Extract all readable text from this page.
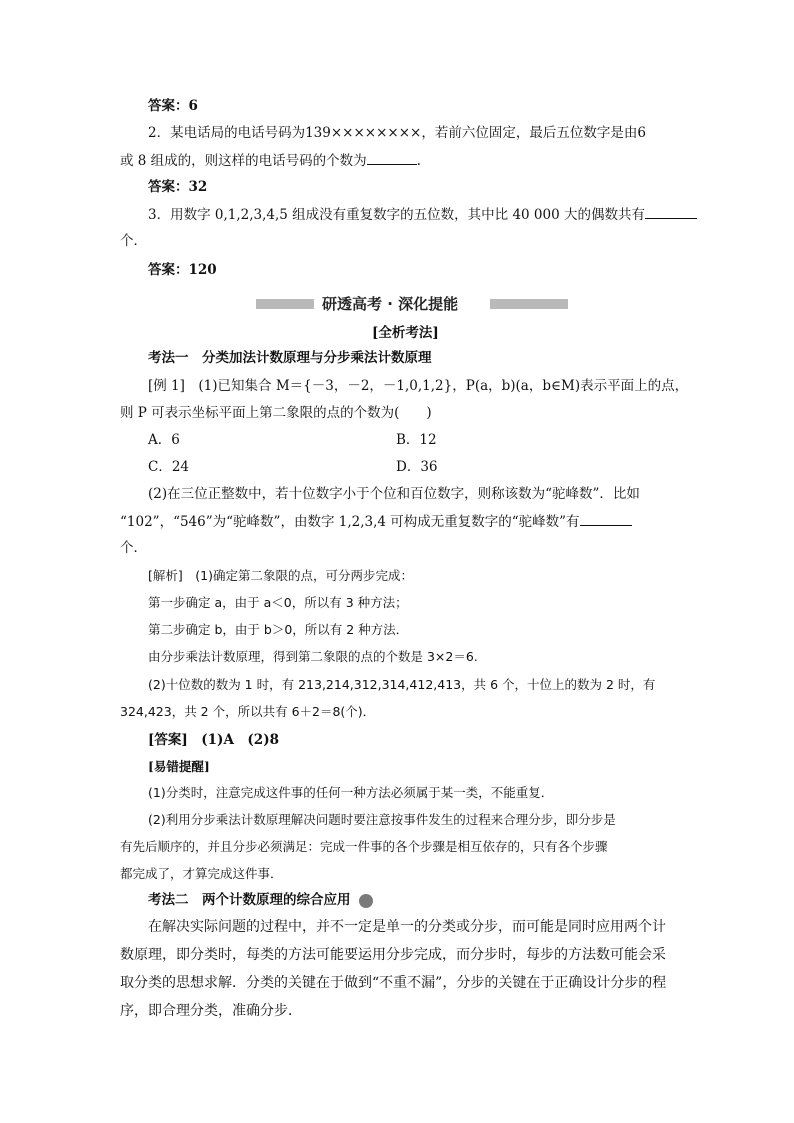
答案：6
2．某电话局的电话号码为139××××××××，若前六位固定，最后五位数字是由6
或 8 组成的，则这样的电话号码的个数为	.
答案：32
3．用数字 0,1,2,3,4,5 组成没有重复数字的五位数，其中比 40 000 大的偶数共有
个．
答案：120
研透高考 · 深化提能
[全析考法]
考法一　分类加法计数原理与分步乘法计数原理
[例 1]　(1)已知集合 M＝{－3，－2，－1,0,1,2}，P(a，b)(a，b∈M)表示平面上的点，
则 P 可表示坐标平面上第二象限的点的个数为(　　)
A．6	B．12
C．24	D．36
(2)在三位正整数中，若十位数字小于个位和百位数字，则称该数为“驼峰数”．比如
“102”，“546”为“驼峰数”，由数字 1,2,3,4 可构成无重复数字的“驼峰数”有
个．
[解析]　(1)确定第二象限的点，可分两步完成：
第一步确定 a，由于 a＜0，所以有 3 种方法；
第二步确定 b，由于 b＞0，所以有 2 种方法．
由分步乘法计数原理，得到第二象限的点的个数是 3×2＝6.
(2)十位数的数为 1 时，有 213,214,312,314,412,413，共 6 个，十位上的数为 2 时，有
324,423，共 2 个，所以共有 6＋2＝8(个)．
[答案]　(1)A　(2)8
[易错提醒]
(1)分类时，注意完成这件事的任何一种方法必须属于某一类，不能重复．
(2)利用分步乘法计数原理解决问题时要注意按事件发生的过程来合理分步，即分步是
有先后顺序的，并且分步必须满足：完成一件事的各个步骤是相互依存的，只有各个步骤
都完成了，才算完成这件事．
考法二　两个计数原理的综合应用
在解决实际问题的过程中，并不一定是单一的分类或分步，而可能是同时应用两个计
数原理，即分类时，每类的方法可能要运用分步完成，而分步时，每步的方法数可能会采
取分类的思想求解．分类的关键在于做到“不重不漏”，分步的关键在于正确设计分步的程
序，即合理分类，准确分步．
